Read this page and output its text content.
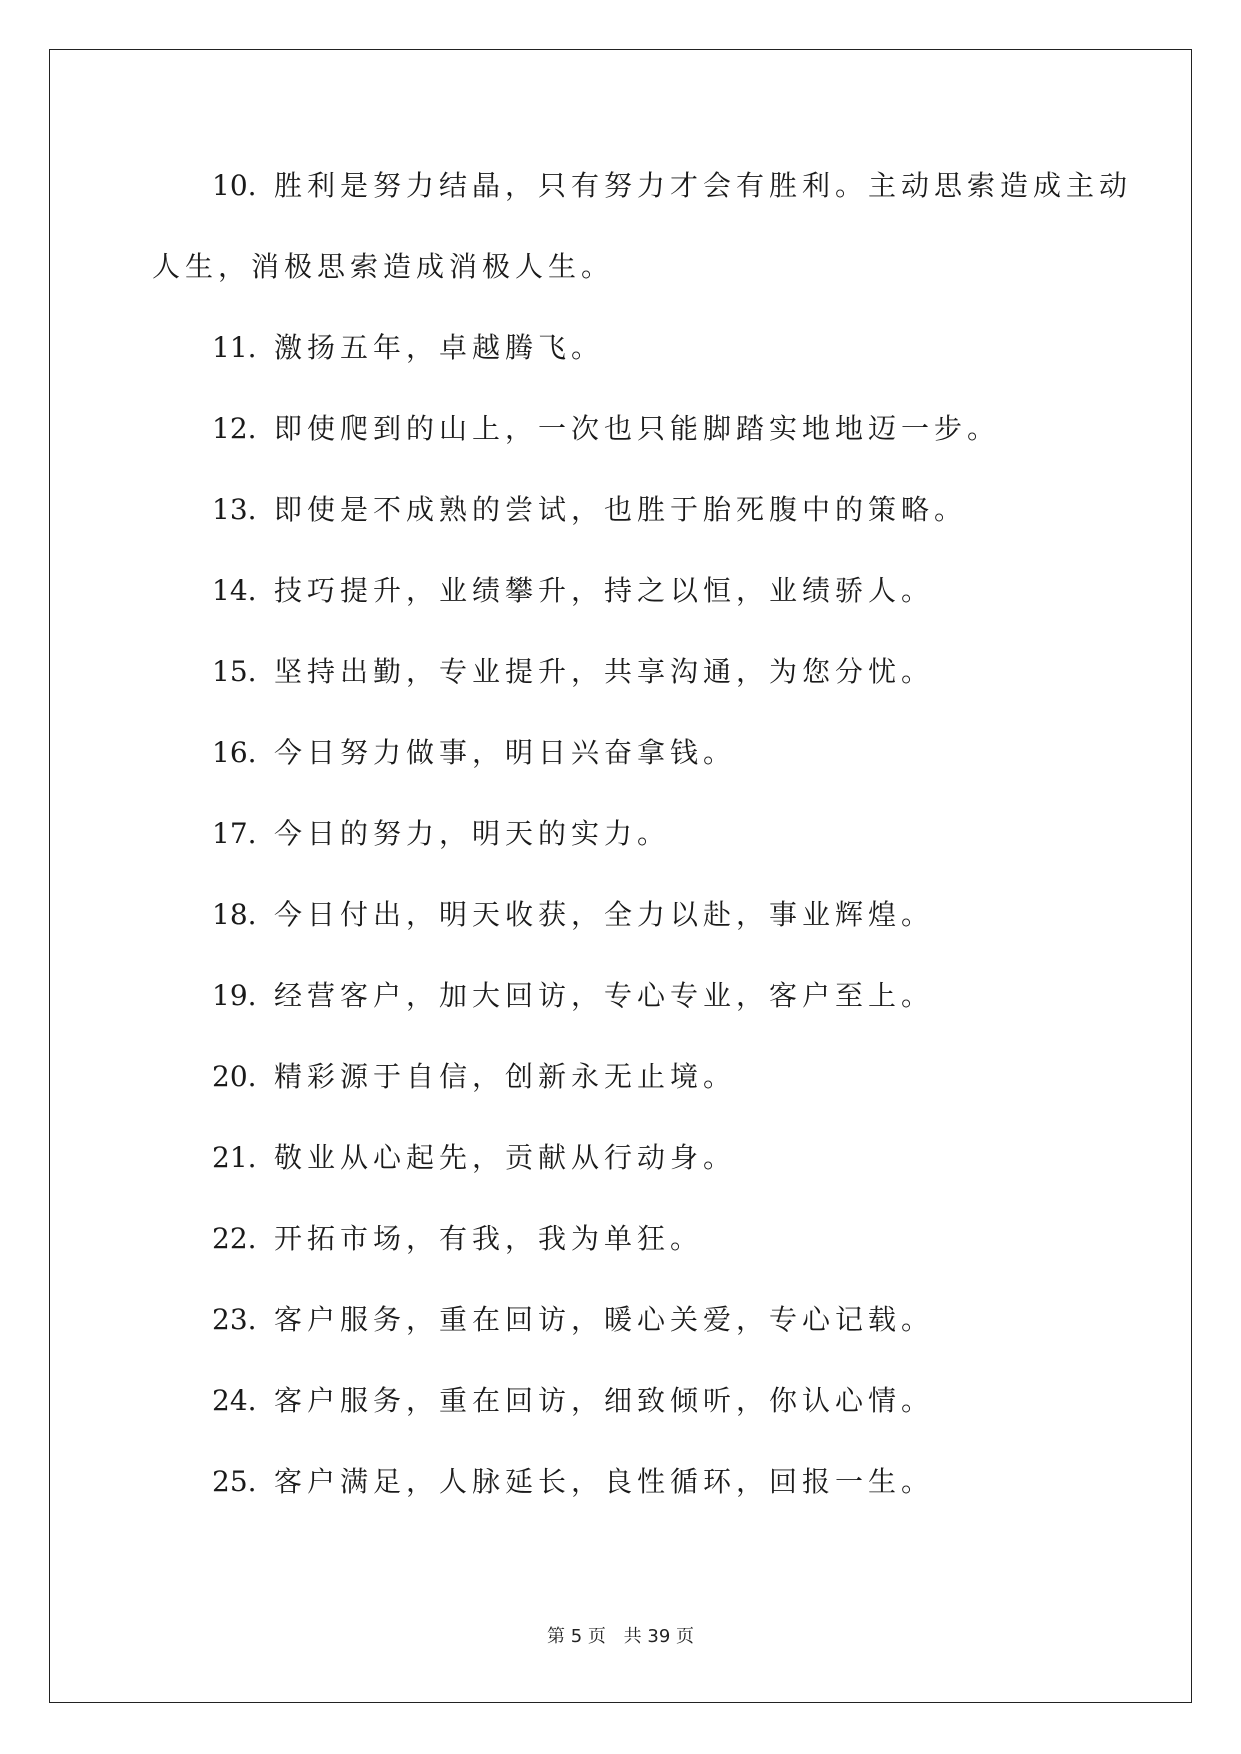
10. 胜利是努力结晶，只有努力才会有胜利。主动思索造成主动
人生，消极思索造成消极人生。

11. 激扬五年，卓越腾飞。

12. 即使爬到的山上，一次也只能脚踏实地地迈一步。

13. 即使是不成熟的尝试，也胜于胎死腹中的策略。

14. 技巧提升，业绩攀升，持之以恒，业绩骄人。

15. 坚持出勤，专业提升，共享沟通，为您分忧。

16. 今日努力做事，明日兴奋拿钱。

17. 今日的努力，明天的实力。

18. 今日付出，明天收获，全力以赴，事业辉煌。

19. 经营客户，加大回访，专心专业，客户至上。

20. 精彩源于自信，创新永无止境。

21. 敬业从心起先，贡献从行动身。

22. 开拓市场，有我，我为单狂。

23. 客户服务，重在回访，暖心关爱，专心记载。

24. 客户服务，重在回访，细致倾听，你认心情。

25. 客户满足，人脉延长，良性循环，回报一生。

第 5 页 共 39 页
